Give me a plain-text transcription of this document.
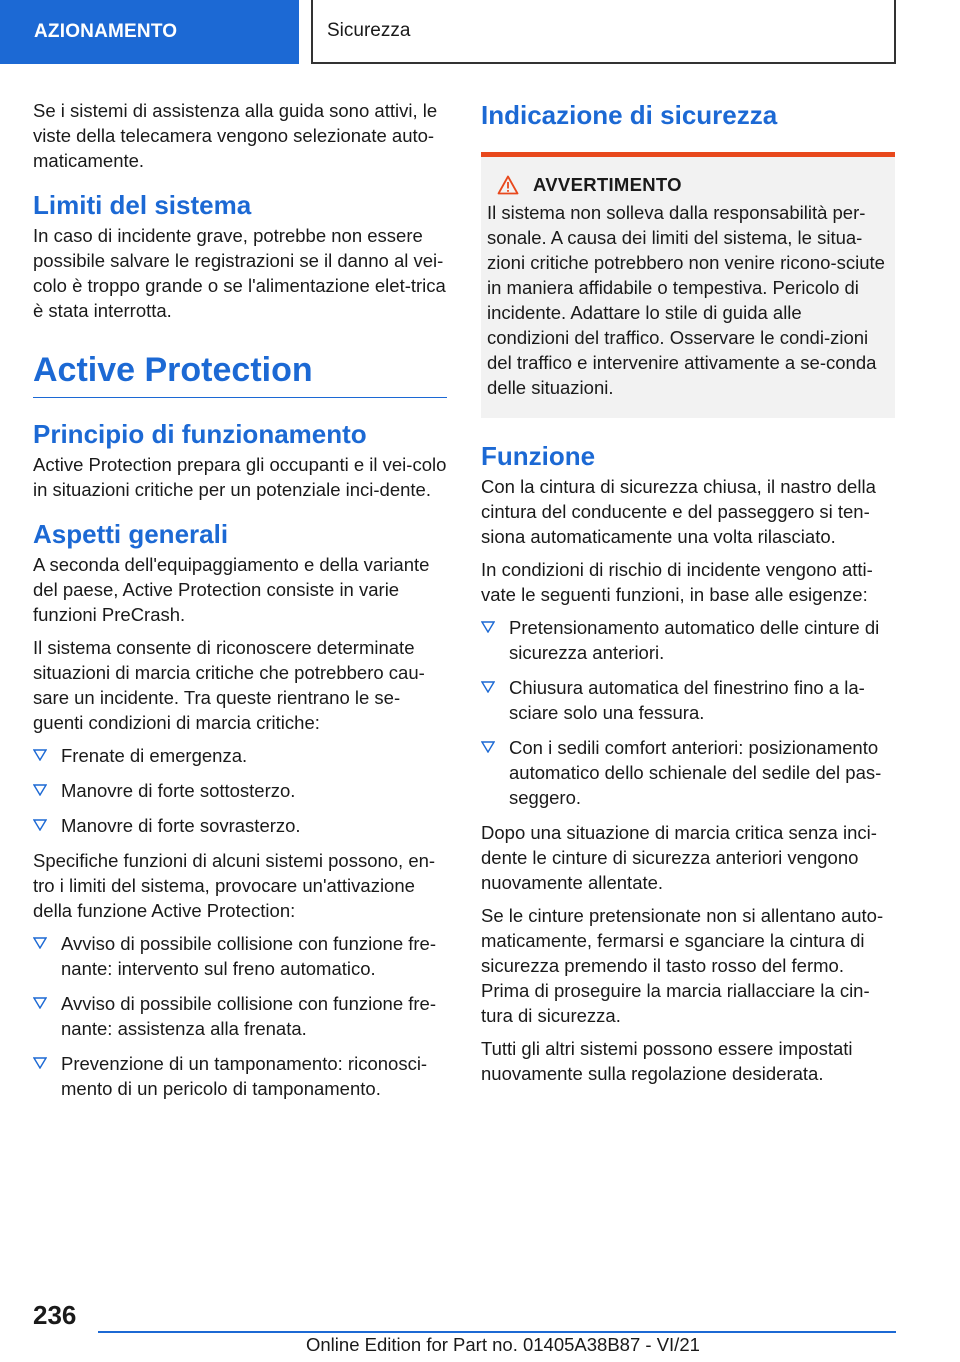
AZIONAMENTO	Sicurezza

Se i sistemi di assistenza alla guida sono attivi, le viste della telecamera vengono selezionate auto-maticamente.

Limiti del sistema

In caso di incidente grave, potrebbe non essere possibile salvare le registrazioni se il danno al vei-colo è troppo grande o se l'alimentazione elet-trica è stata interrotta.

Active Protection
Principio di funzionamento

Active Protection prepara gli occupanti e il vei-colo in situazioni critiche per un potenziale inci-dente.

Aspetti generali

A seconda dell'equipaggiamento e della variante del paese, Active Protection consiste in varie funzioni PreCrash.

Il sistema consente di riconoscere determinate situazioni di marcia critiche che potrebbero cau-sare un incidente. Tra queste rientrano le se-guenti condizioni di marcia critiche:

Frenate di emergenza.
Manovre di forte sottosterzo.
Manovre di forte sovrasterzo.

Specifiche funzioni di alcuni sistemi possono, en-tro i limiti del sistema, provocare un'attivazione della funzione Active Protection:

Avviso di possibile collisione con funzione fre-nante: intervento sul freno automatico.
Avviso di possibile collisione con funzione fre-nante: assistenza alla frenata.
Prevenzione di un tamponamento: riconosci-mento di un pericolo di tamponamento.
Indicazione di sicurezza
AVVERTIMENTO

Il sistema non solleva dalla responsabilità per-sonale. A causa dei limiti del sistema, le situa-zioni critiche potrebbero non venire ricono-sciute in maniera affidabile o tempestiva. Pericolo di incidente. Adattare lo stile di guida alle condizioni del traffico. Osservare le condi-zioni del traffico e intervenire attivamente a se-conda delle situazioni.

Funzione

Con la cintura di sicurezza chiusa, il nastro della cintura del conducente e del passeggero si ten-siona automaticamente una volta rilasciato.

In condizioni di rischio di incidente vengono atti-vate le seguenti funzioni, in base alle esigenze:

Pretensionamento automatico delle cinture di sicurezza anteriori.
Chiusura automatica del finestrino fino a la-sciare solo una fessura.
Con i sedili comfort anteriori: posizionamento automatico dello schienale del sedile del pas-seggero.

Dopo una situazione di marcia critica senza inci-dente le cinture di sicurezza anteriori vengono nuovamente allentate.

Se le cinture pretensionate non si allentano auto-maticamente, fermarsi e sganciare la cintura di sicurezza premendo il tasto rosso del fermo. Prima di proseguire la marcia riallacciare la cin-tura di sicurezza.

Tutti gli altri sistemi possono essere impostati nuovamente sulla regolazione desiderata.

236
Online Edition for Part no. 01405A38B87 - VI/21
